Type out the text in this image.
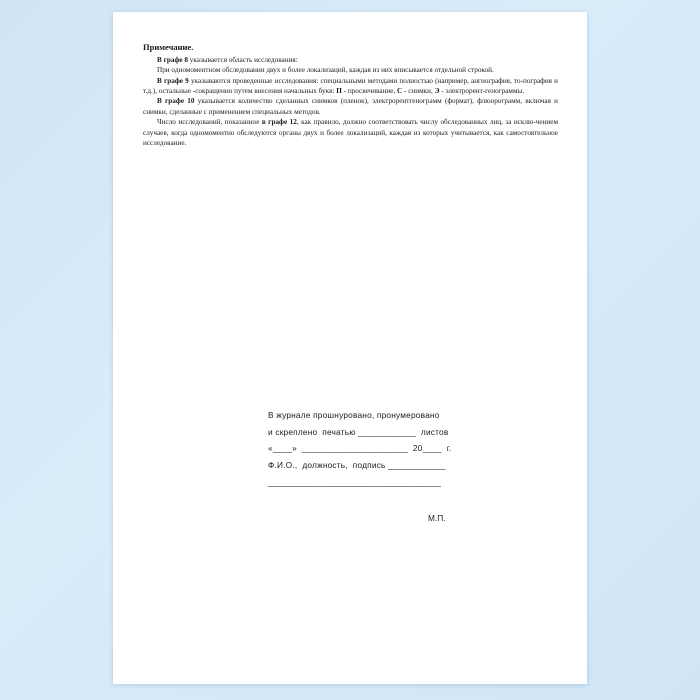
Примечание.

В графе 8 указывается область исследования:

При одномоментном обследовании двух и более локализаций, каждая из них вписывается отдельной строкой.

В графе 9 указываются проведенные исследования: специальными методами полностью (например, ангиография, то-пография и т.д.), остальные -сокращенно путем внесения начальных букв: П - просвечивание, С - снимки, Э - электрорент-генограммы.

В графе 10 указывается количество сделанных снимков (пленок), электрорентгенограмм (формат), флюорограмм, включая и снимки, сделанные с применением специальных методов.

Число исследований, показанное в графе 12, как правило, должно соответствовать числу обследованных лиц, за исклю-чением случаев, когда одномоментно обследуются органы двух и более локализаций, каждая из которых учитывается, как самостоятельное исследование.

В журнале прошнуровано, пронумеровано
и скреплено  печатью ____________  листов
«____»  ______________________  20____  г.
Ф.И.О.,  должность,  подпись ____________
________________________________________
М.П.
